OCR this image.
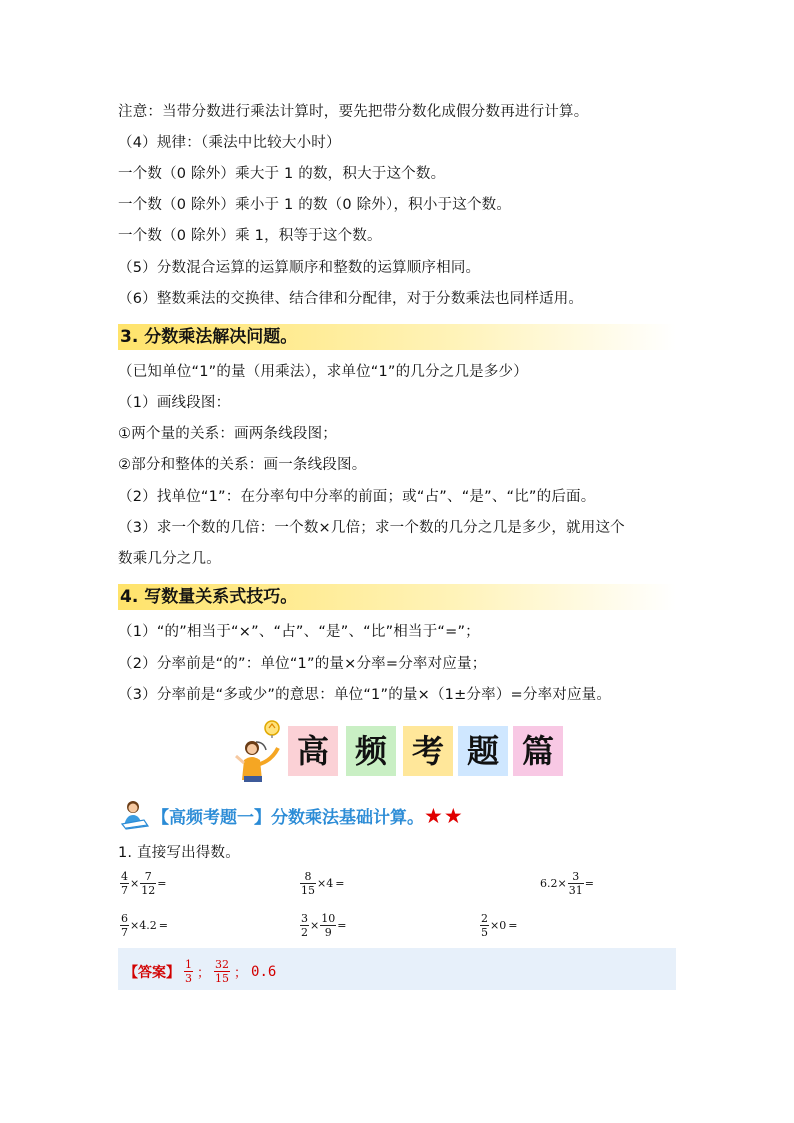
注意：当带分数进行乘法计算时，要先把带分数化成假分数再进行计算。
（4）规律：（乘法中比较大小时）
一个数（0 除外）乘大于 1 的数，积大于这个数。
一个数（0 除外）乘小于 1 的数（0 除外），积小于这个数。
一个数（0 除外）乘 1，积等于这个数。
（5）分数混合运算的运算顺序和整数的运算顺序相同。
（6）整数乘法的交换律、结合律和分配律，对于分数乘法也同样适用。
3. 分数乘法解决问题。
（已知单位“1”的量（用乘法），求单位“1”的几分之几是多少）
（1）画线段图：
①两个量的关系：画两条线段图；
②部分和整体的关系：画一条线段图。
（2）找单位“1”：在分率句中分率的前面；或“占”、“是”、“比”的后面。
（3）求一个数的几倍：一个数×几倍；求一个数的几分之几是多少，就用这个
数乘几分之几。
4. 写数量关系式技巧。
（1）“的”相当于“×”、“占”、“是”、“比”相当于“=”；
（2）分率前是“的”：单位“1”的量×分率=分率对应量；
（3）分率前是“多或少”的意思：单位“1”的量×（1±分率）=分率对应量。
高 频 考 题 篇
【高频考题一】分数乘法基础计算。★★
1. 直接写出得数。
$\frac{4}{7} \times \frac{7}{12}$ =	$\frac{8}{15} \times 4$ =	$6.2\times \frac{3}{31}$ =
$\frac{6}{7} \times 4.2$ =	$\frac{3}{2} \times \frac{10}{9}$ =	$\frac{2}{5} \times 0$ =
【答案】 $\frac{1}{3}$ ； $\frac{32}{15}$ ； 0.6
